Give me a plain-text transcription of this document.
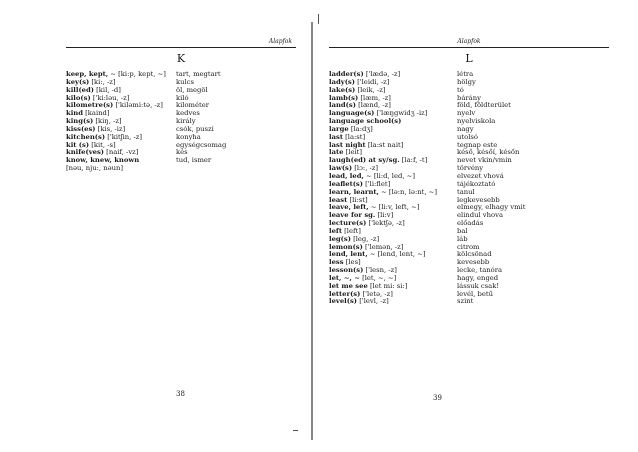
Alapfok
K
keep, kept, ~ [ki:p, kept, ~]	tart, megtart
key(s) [ki:, -z]	kulcs
kill(ed) [kil, -d]	öl, megöl
kilo(s) ['ki:ləu, -z]	kiló
kilometre(s) ['kiləmi:tə, -z]	kilométer
kind [kaind]	kedves
king(s) [kiŋ, -z]	király
kiss(es) [kis, -iz]	csók, puszi
kitchen(s) ['kitʃin, -z]	konyha
kit (s) [kit, -s]	egységcsomag
knife(ves) [naif, -vz]	kés
know, knew, known	tud, ismer
[nəu, nju:, nəun]
38
Alapfok
L
ladder(s) ['lædə, -z]	létra
lady(s) ['leidi, -z]	hölgy
lake(s) [leik, -z]	tó
lamb(s) [læm, -z]	bárány
land(s) [lænd, -z]	föld, földterület
language(s) ['læŋgwidʒ -iz]	nyelv
language school(s)	nyelviskola
large [la:dʒ]	nagy
last [la:st]	utolsó
last night [la:st nait]	tegnap este
late [leit]	késő, későí, későn
laugh(ed) at sy/sg. [la:f, -t]	nevet vkin/vmin
law(s) [lɔ:, -z]	törvény
lead, led, ~ [li:d, led, ~]	elvezet vhová
leaflet(s) ['li:flet]	tájékoztató
learn, learnt, ~ [lə:n, lə:nt, ~]	tanul
least [li:st]	legkevesebb
leave, left, ~ [li:v, left, ~]	elmegy, elhagy vmit
leave for sg. [li:v]	elindul vhova
lecture(s) ['lektʃə, -z]	előadás
left [left]	bal
leg(s) [leg, -z]	láb
lemon(s) ['lemən, -z]	citrom
lend, lent, ~ [lend, lent, ~]	kölcsönad
less [les]	kevesebb
lesson(s) ['lesn, -z]	lecke, tanóra
let, ~, ~ [let, ~, ~]	hagy, enged
let me see [let mi: si:]	lássuk csak!
letter(s) ['letə, -z]	levél, betű
level(s) ['levl, -z]	szint
39
